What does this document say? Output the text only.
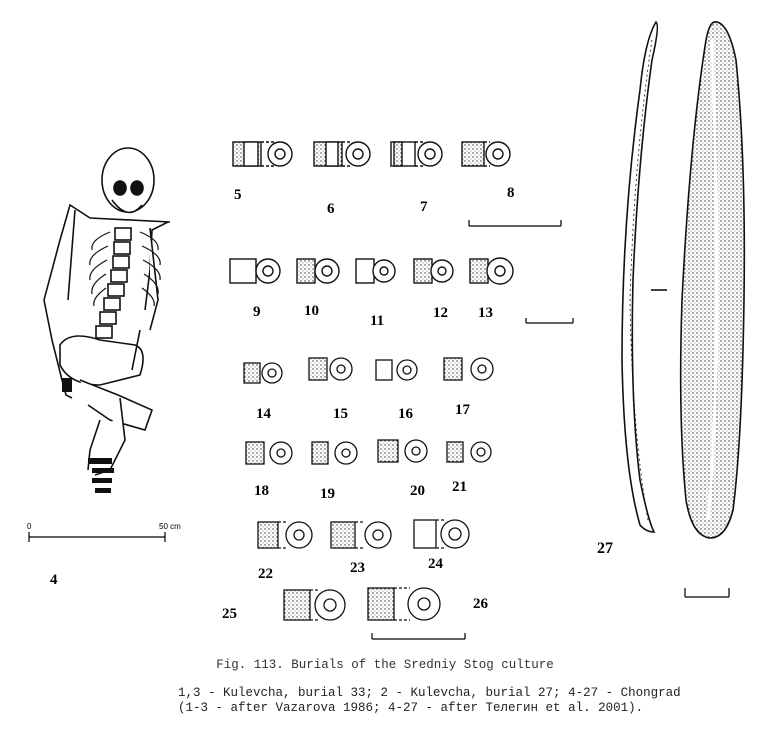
4
5
6	7
8
9	10
11	12 13
14	15	16	17
18	19	20 21
22	23	24
25
26
27
0	50 cm
Fig. 113. Burials of the Sredniy Stog culture
1,3 - Kulevcha, burial 33; 2 - Kulevcha, burial 27; 4-27 - Chongrad
(1-3 - after Vazarova 1986; 4-27 - after Телегин et al. 2001).
